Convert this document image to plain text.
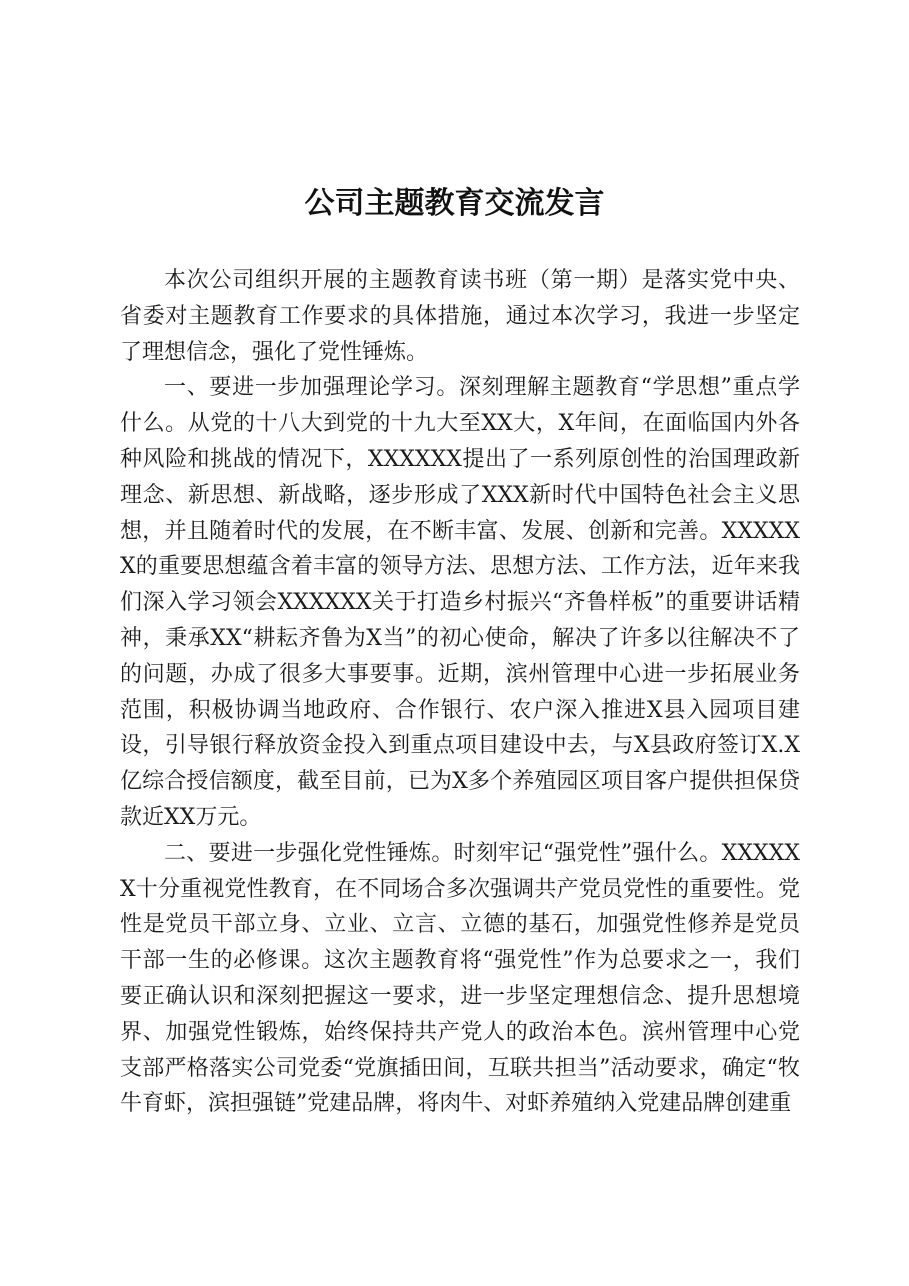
公司主题教育交流发言

本次公司组织开展的主题教育读书班（第一期）是落实党中央、省委对主题教育工作要求的具体措施，通过本次学习，我进一步坚定了理想信念，强化了党性锤炼。

一、要进一步加强理论学习。深刻理解主题教育“学思想”重点学什么。从党的十八大到党的十九大至XX大，X年间，在面临国内外各种风险和挑战的情况下，XXXXXX提出了一系列原创性的治国理政新理念、新思想、新战略，逐步形成了XXX新时代中国特色社会主义思想，并且随着时代的发展，在不断丰富、发展、创新和完善。XXXXXX的重要思想蕴含着丰富的领导方法、思想方法、工作方法，近年来我们深入学习领会XXXXXX关于打造乡村振兴“齐鲁样板”的重要讲话精神，秉承XX“耕耘齐鲁为X当”的初心使命，解决了许多以往解决不了的问题，办成了很多大事要事。近期，滨州管理中心进一步拓展业务范围，积极协调当地政府、合作银行、农户深入推进X县入园项目建设，引导银行释放资金投入到重点项目建设中去，与X县政府签订X.X亿综合授信额度，截至目前，已为X多个养殖园区项目客户提供担保贷款近XX万元。

二、要进一步强化党性锤炼。时刻牢记“强党性”强什么。XXXXXX十分重视党性教育，在不同场合多次强调共产党员党性的重要性。党性是党员干部立身、立业、立言、立德的基石，加强党性修养是党员干部一生的必修课。这次主题教育将“强党性”作为总要求之一，我们要正确认识和深刻把握这一要求，进一步坚定理想信念、提升思想境界、加强党性锻炼，始终保持共产党人的政治本色。滨州管理中心党支部严格落实公司党委“党旗插田间，互联共担当”活动要求，确定“牧牛育虾，滨担强链”党建品牌，将肉牛、对虾养殖纳入党建品牌创建重
